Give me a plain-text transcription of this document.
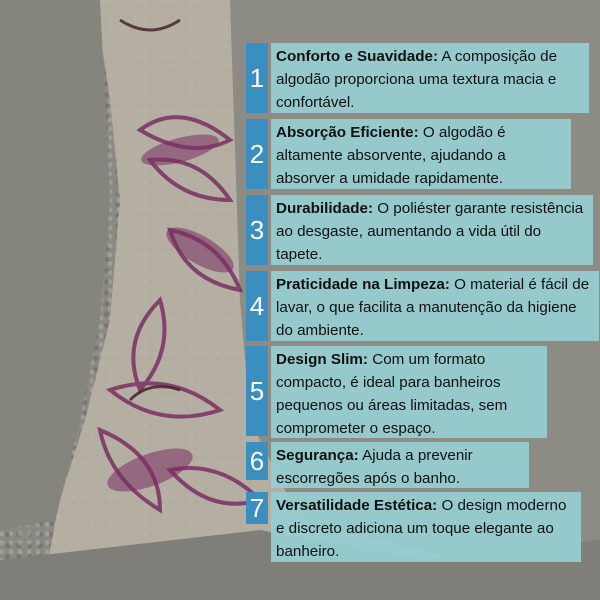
1
Conforto e Suavidade: A composição de algodão proporciona uma textura macia e confortável.
2
Absorção Eficiente: O algodão é altamente absorvente, ajudando a absorver a umidade rapidamente.
3
Durabilidade: O poliéster garante resistência ao desgaste, aumentando a vida útil do tapete.
4
Praticidade na Limpeza: O material é fácil de lavar, o que facilita a manutenção da higiene do ambiente.
5
Design Slim: Com um formato compacto, é ideal para banheiros pequenos ou áreas limitadas, sem comprometer o espaço.
6 Segurança: Ajuda a prevenir escorregões após o banho.
7 Versatilidade Estética: O design moderno e discreto adiciona um toque elegante ao banheiro.
